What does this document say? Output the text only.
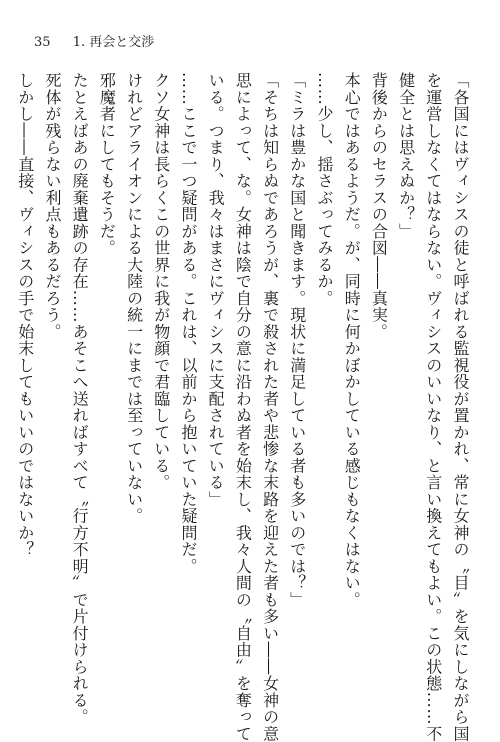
35 1. 再会と交渉

「各国にはヴィシスの徒と呼ばれる監視役が置かれ、常に女神の〝目〟を気にしながら国

を運営しなくてはならない。ヴィシスのいいなり、と言い換えてもよい。この状態……不

健全とは思えぬか？」

背後からのセラスの合図――真実。

本心ではあるようだ。が、同時に何かぼかしている感じもなくはない。

……少し、揺さぶってみるか。

「ミラは豊かな国と聞きます。現状に満足している者も多いのでは？」

「そちは知らぬであろうが、裏で殺された者や悲惨な末路を迎えた者も多い――女神の意

思によって、な。女神は陰で自分の意に沿わぬ者を始末し、我々人間の〝自由〟を奪って

いる。つまり、我々はまさにヴィシスに支配されている」

……ここで一つ疑問がある。これは、以前から抱いていた疑問だ。

クソ女神は長らくこの世界に我が物顔で君臨している。

けれどアライオンによる大陸の統一にまでは至っていない。

邪魔者にしてもそうだ。

たとえばあの廃棄遺跡の存在……あそこへ送ればすべて〝行方不明〟で片付けられる。

死体が残らない利点もあるだろう。

しかし――直接、ヴィシスの手で始末してもいいのではないか？
